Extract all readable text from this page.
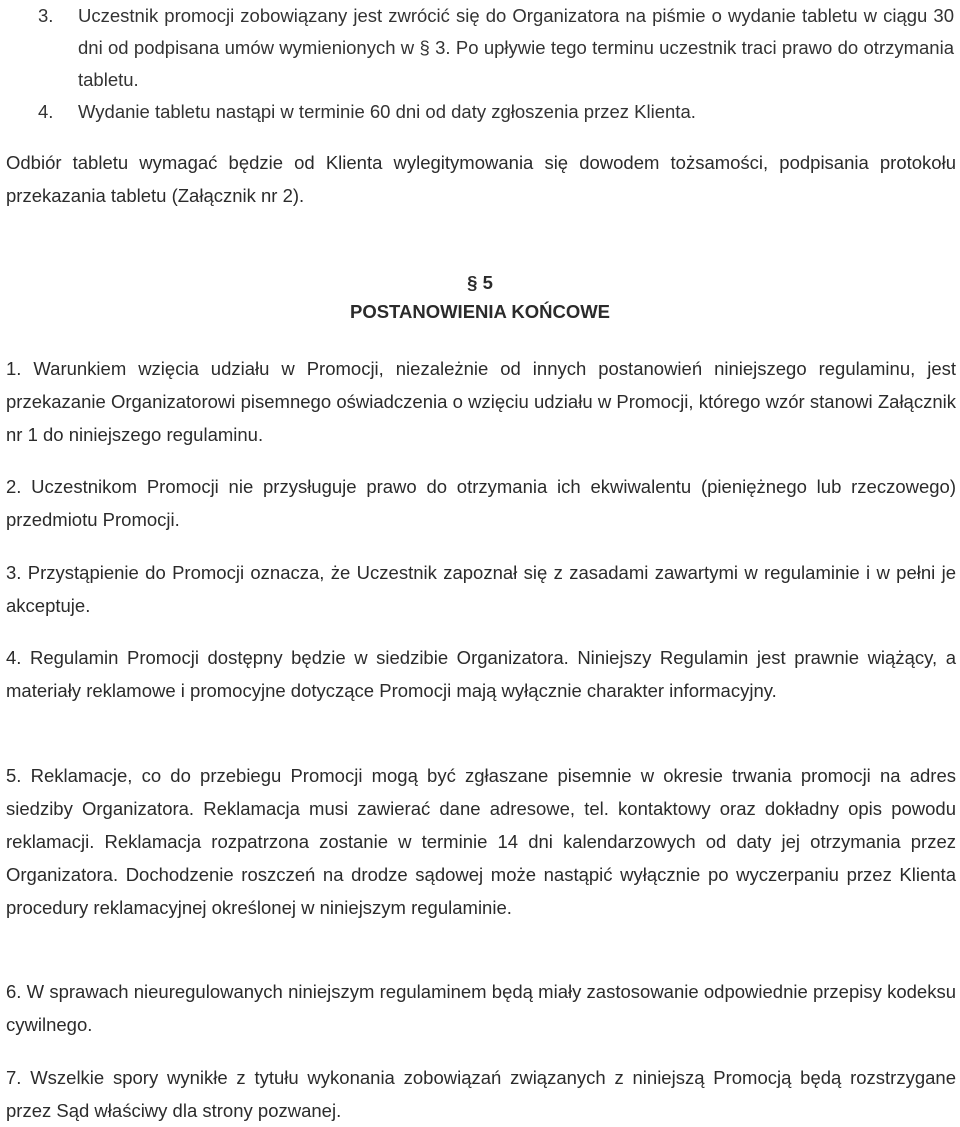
3. Uczestnik promocji zobowiązany jest zwrócić się do Organizatora na piśmie o wydanie tabletu w ciągu 30 dni od podpisana umów wymienionych w § 3. Po upływie tego terminu uczestnik traci prawo do otrzymania tabletu.
4. Wydanie tabletu nastąpi w terminie 60 dni od daty zgłoszenia przez Klienta.
Odbiór tabletu wymagać będzie od Klienta wylegitymowania się dowodem tożsamości, podpisania protokołu przekazania tabletu (Załącznik nr 2).
§ 5
POSTANOWIENIA KOŃCOWE
1. Warunkiem wzięcia udziału w Promocji, niezależnie od innych postanowień niniejszego regulaminu, jest przekazanie Organizatorowi pisemnego oświadczenia o wzięciu udziału w Promocji, którego wzór stanowi Załącznik nr 1 do niniejszego regulaminu.
2. Uczestnikom Promocji nie przysługuje prawo do otrzymania ich ekwiwalentu (pieniężnego lub rzeczowego) przedmiotu Promocji.
3. Przystąpienie do Promocji oznacza, że Uczestnik zapoznał się z zasadami zawartymi w regulaminie i w pełni je akceptuje.
4. Regulamin Promocji dostępny będzie w siedzibie Organizatora. Niniejszy Regulamin jest prawnie wiążący, a materiały reklamowe i promocyjne dotyczące Promocji mają wyłącznie charakter informacyjny.
5. Reklamacje, co do przebiegu Promocji mogą być zgłaszane pisemnie w okresie trwania promocji na adres siedziby Organizatora. Reklamacja musi zawierać dane adresowe, tel. kontaktowy oraz dokładny opis powodu reklamacji. Reklamacja rozpatrzona zostanie w terminie 14 dni kalendarzowych od daty jej otrzymania przez Organizatora. Dochodzenie roszczeń na drodze sądowej może nastąpić wyłącznie po wyczerpaniu przez Klienta procedury reklamacyjnej określonej w niniejszym regulaminie.
6. W sprawach nieuregulowanych niniejszym regulaminem będą miały zastosowanie odpowiednie przepisy kodeksu cywilnego.
7. Wszelkie spory wynikłe z tytułu wykonania zobowiązań związanych z niniejszą Promocją będą rozstrzygane przez Sąd właściwy dla strony pozwanej.
